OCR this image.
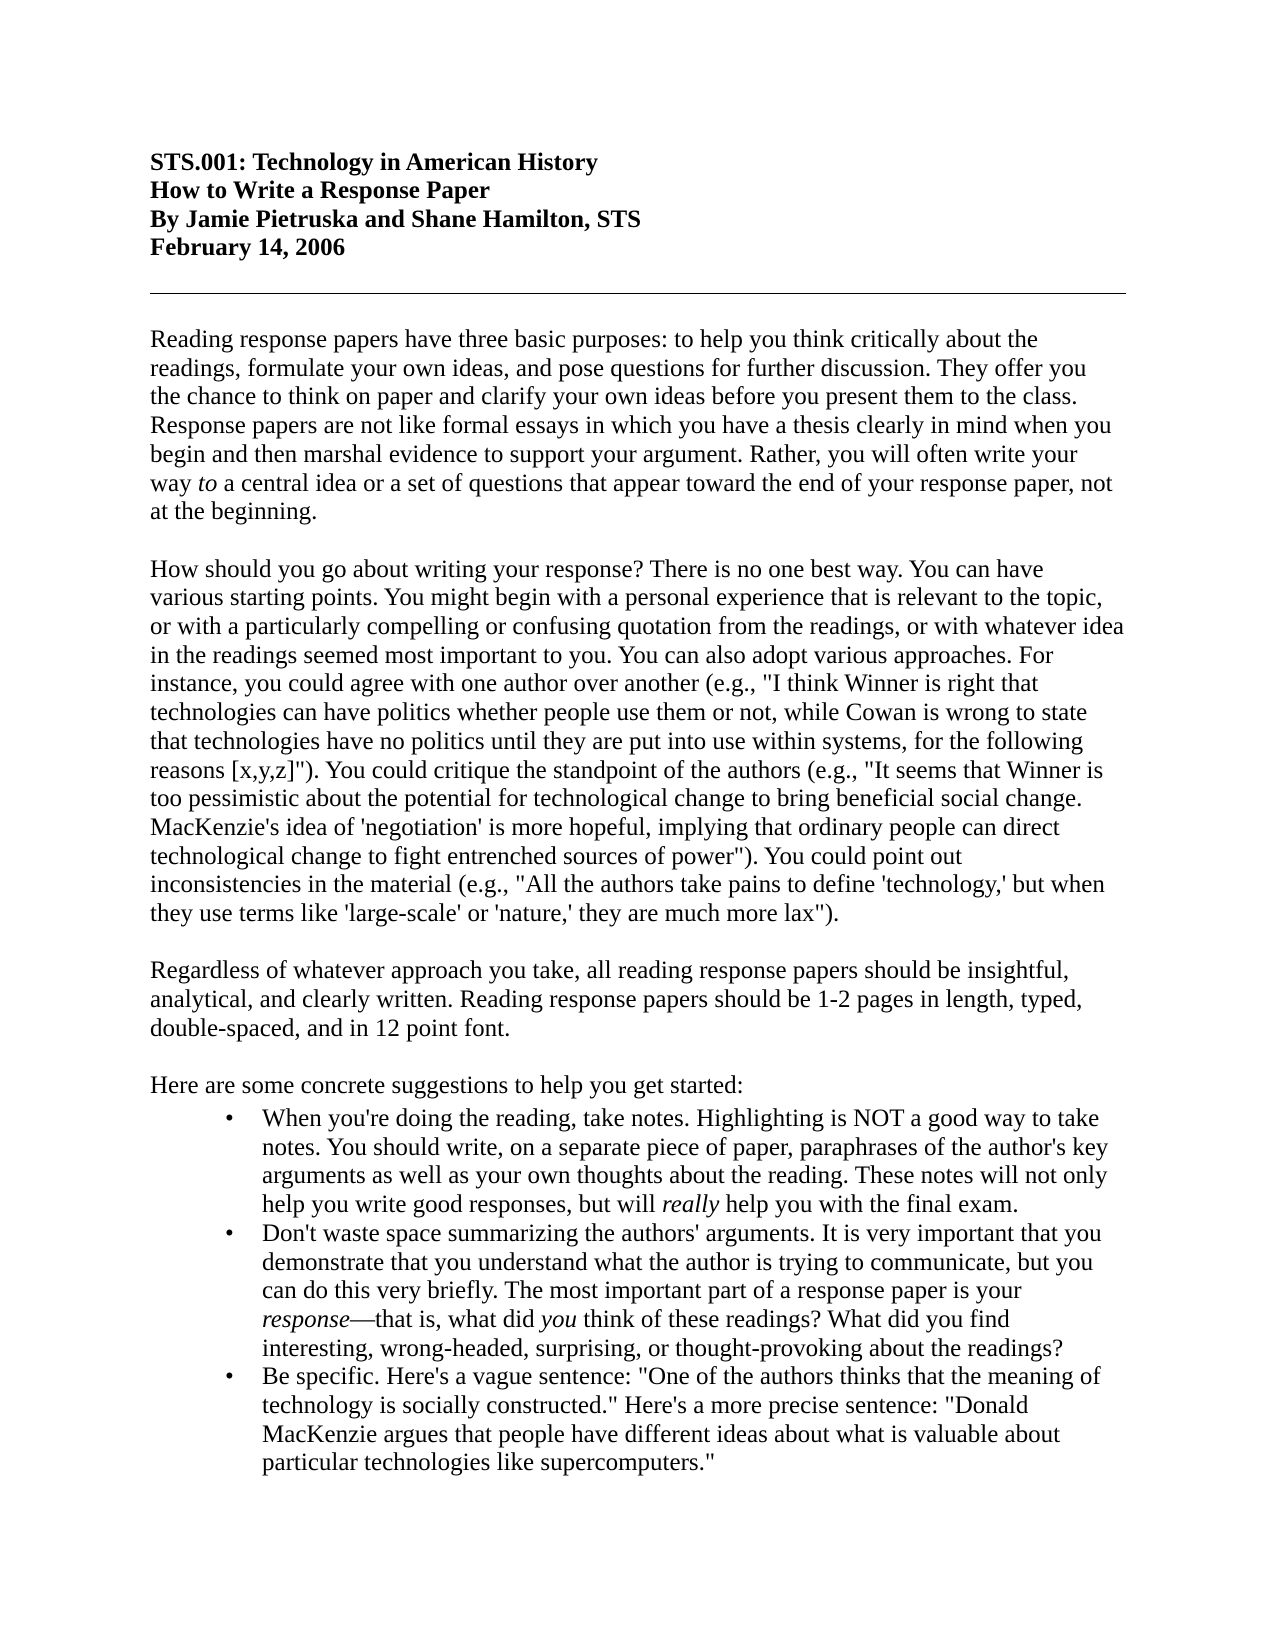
STS.001: Technology in American History
How to Write a Response Paper
By Jamie Pietruska and Shane Hamilton, STS
February 14, 2006
Reading response papers have three basic purposes: to help you think critically about the
readings, formulate your own ideas, and pose questions for further discussion. They offer you
the chance to think on paper and clarify your own ideas before you present them to the class.
Response papers are not like formal essays in which you have a thesis clearly in mind when you
begin and then marshal evidence to support your argument. Rather, you will often write your
way to a central idea or a set of questions that appear toward the end of your response paper, not
at the beginning.
How should you go about writing your response? There is no one best way. You can have
various starting points. You might begin with a personal experience that is relevant to the topic,
or with a particularly compelling or confusing quotation from the readings, or with whatever idea
in the readings seemed most important to you. You can also adopt various approaches. For
instance, you could agree with one author over another (e.g., "I think Winner is right that
technologies can have politics whether people use them or not, while Cowan is wrong to state
that technologies have no politics until they are put into use within systems, for the following
reasons [x,y,z]"). You could critique the standpoint of the authors (e.g., "It seems that Winner is
too pessimistic about the potential for technological change to bring beneficial social change.
MacKenzie's idea of 'negotiation' is more hopeful, implying that ordinary people can direct
technological change to fight entrenched sources of power"). You could point out
inconsistencies in the material (e.g., "All the authors take pains to define 'technology,' but when
they use terms like 'large-scale' or 'nature,' they are much more lax").
Regardless of whatever approach you take, all reading response papers should be insightful,
analytical, and clearly written. Reading response papers should be 1-2 pages in length, typed,
double-spaced, and in 12 point font.
Here are some concrete suggestions to help you get started:
• When you're doing the reading, take notes. Highlighting is NOT a good way to take
notes. You should write, on a separate piece of paper, paraphrases of the author's key
arguments as well as your own thoughts about the reading. These notes will not only
help you write good responses, but will really help you with the final exam.
• Don't waste space summarizing the authors' arguments. It is very important that you
demonstrate that you understand what the author is trying to communicate, but you
can do this very briefly. The most important part of a response paper is your
response—that is, what did you think of these readings? What did you find
interesting, wrong-headed, surprising, or thought-provoking about the readings?
• Be specific. Here's a vague sentence: "One of the authors thinks that the meaning of
technology is socially constructed." Here's a more precise sentence: "Donald
MacKenzie argues that people have different ideas about what is valuable about
particular technologies like supercomputers."
